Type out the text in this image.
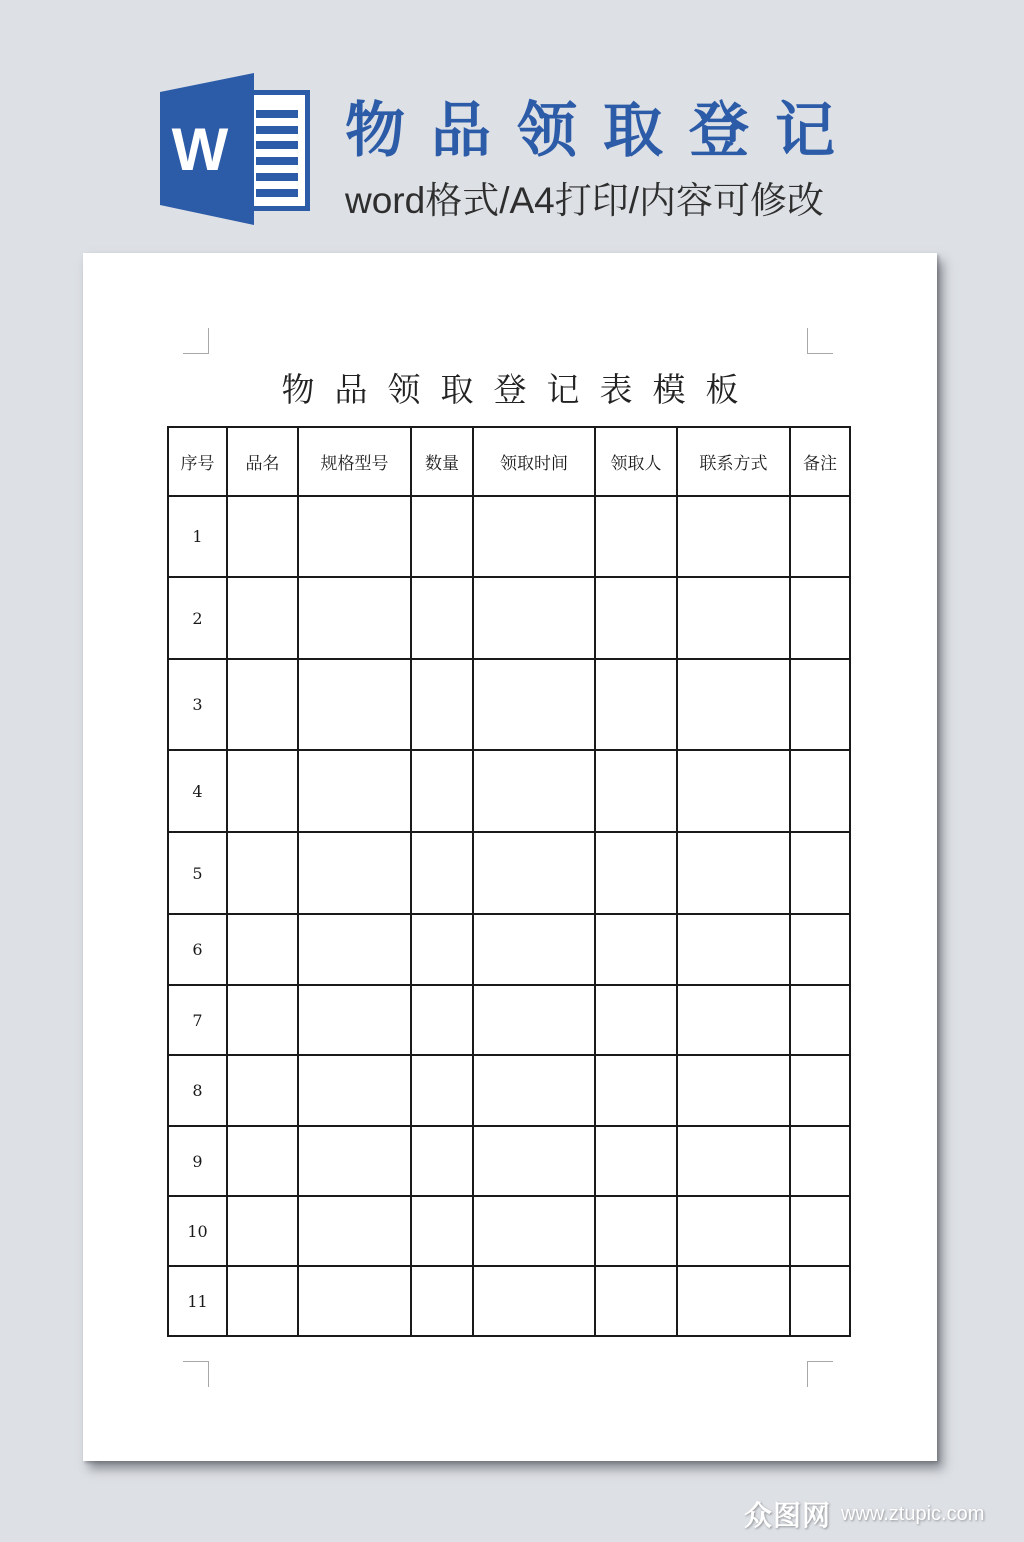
W 物品领取登记
word格式/A4打印/内容可修改
物品领取登记表模板
序号	品名	规格型号	数量	领取时间	领取人	联系方式	备注
1							
2							
3							
4							
5							
6							
7							
8							
9							
10							
11							
众图网 www.ztupic.com
